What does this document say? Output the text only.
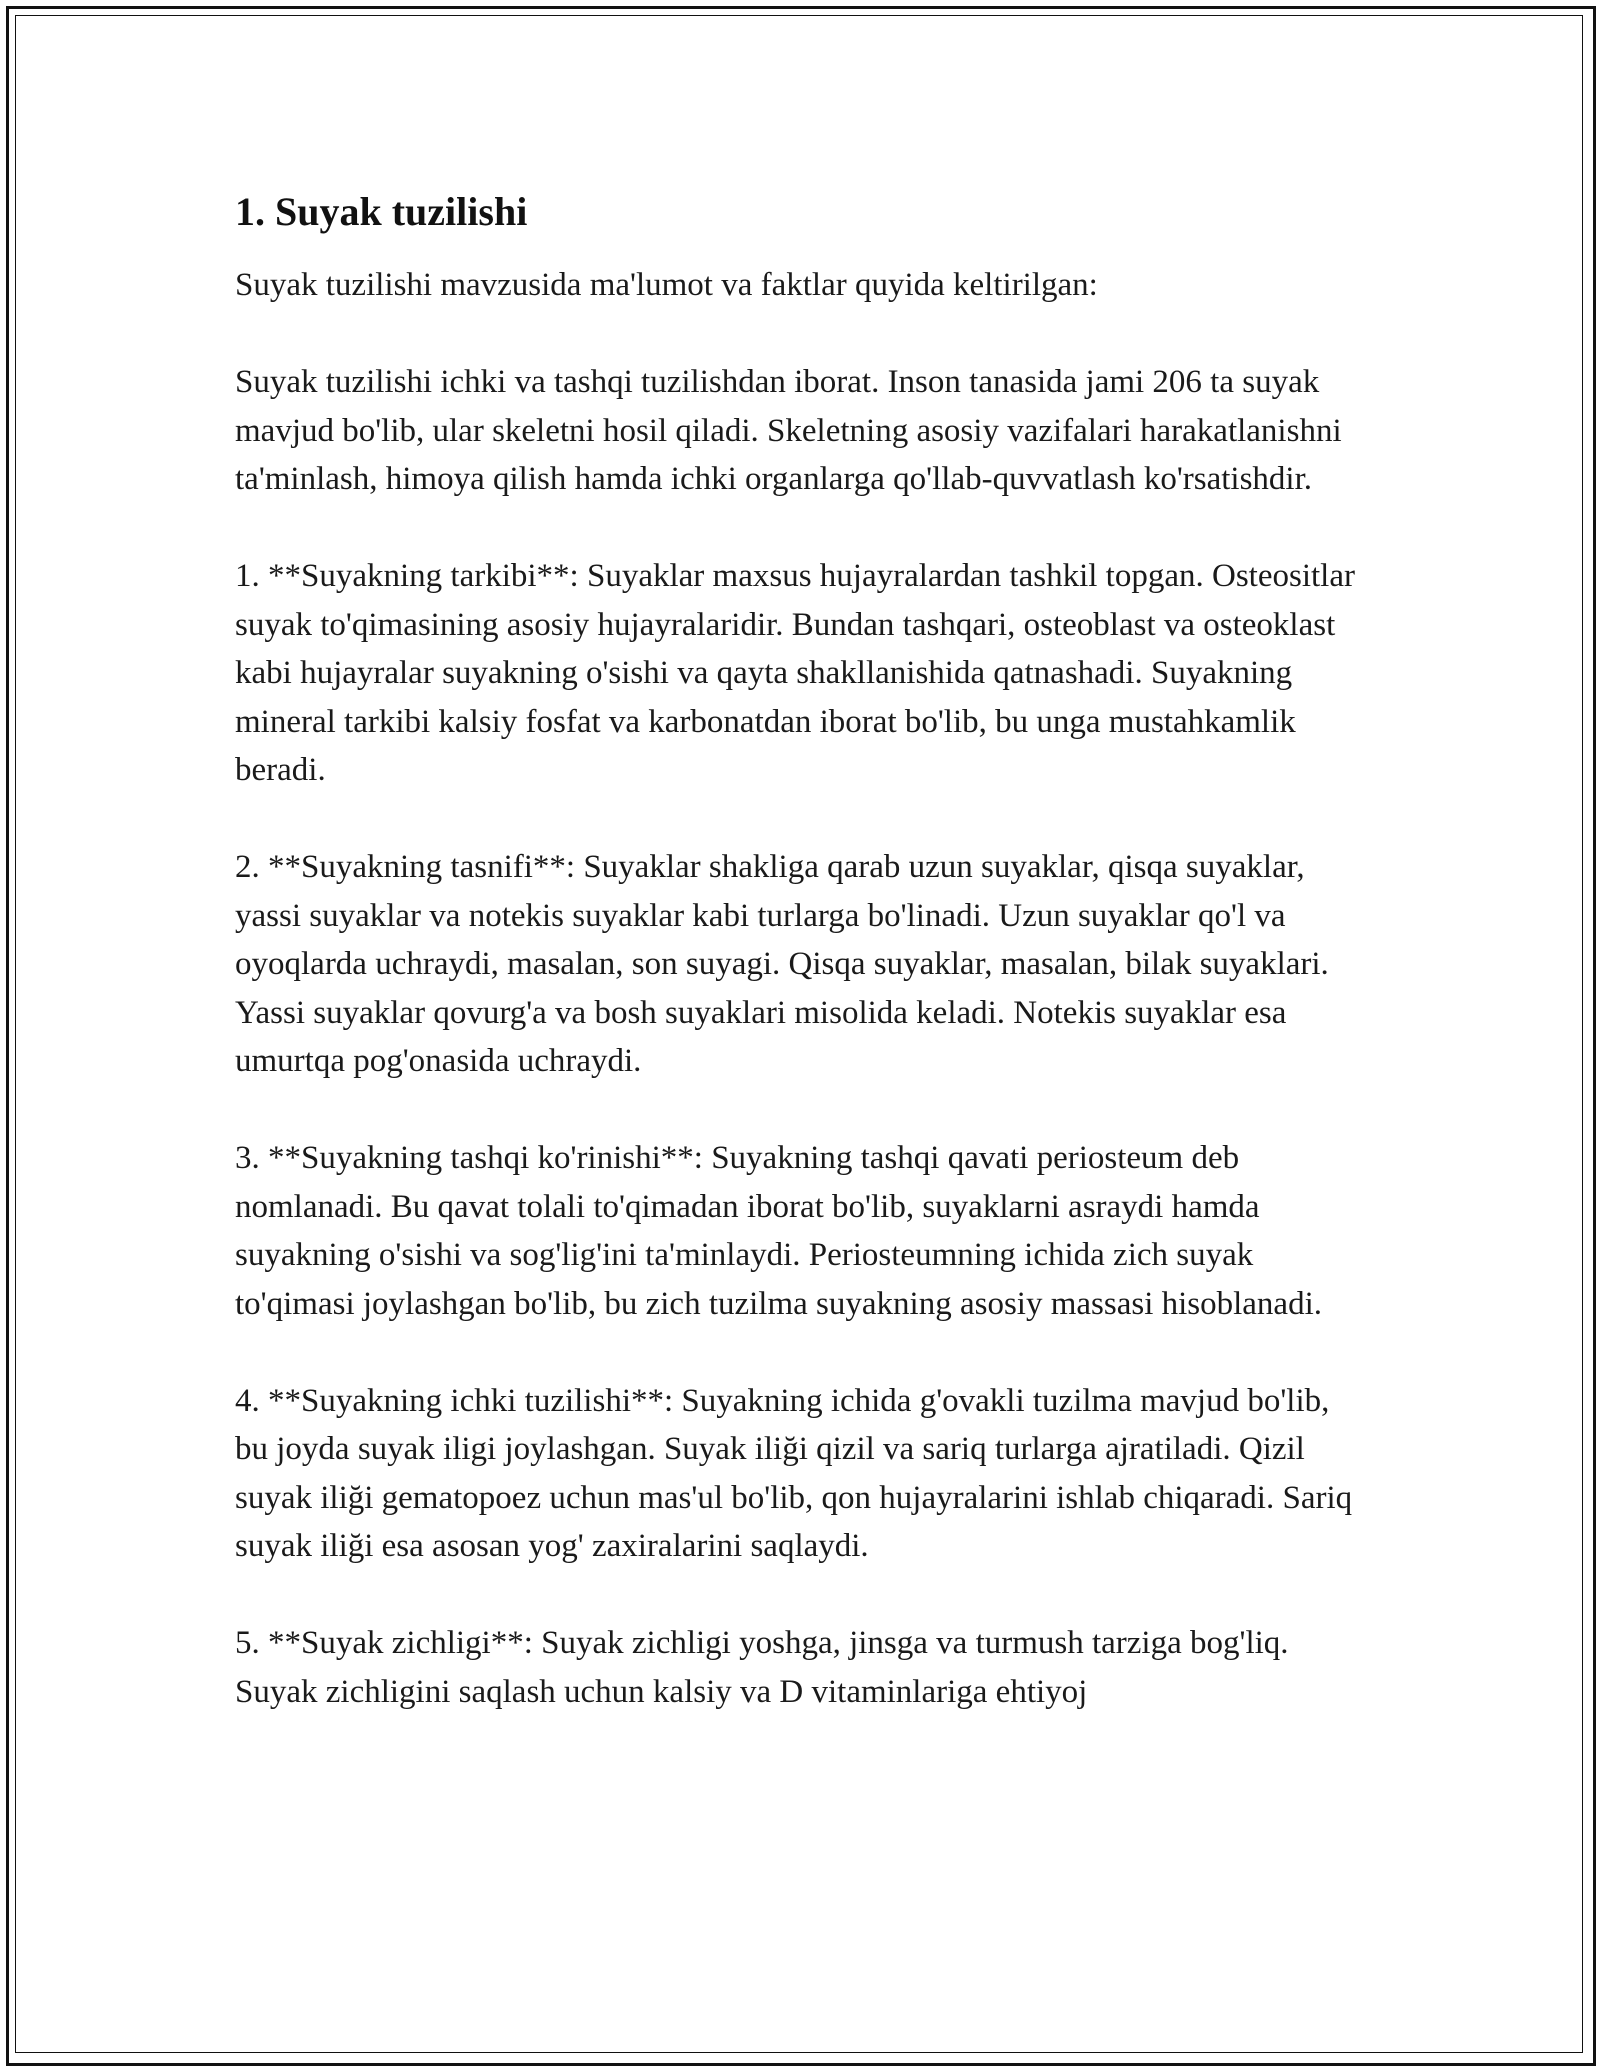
1. Suyak tuzilishi

Suyak tuzilishi mavzusida ma'lumot va faktlar quyida keltirilgan:

Suyak tuzilishi ichki va tashqi tuzilishdan iborat. Inson tanasida jami 206 ta suyak mavjud bo'lib, ular skeletni hosil qiladi. Skeletning asosiy vazifalari harakatlanishni ta'minlash, himoya qilish hamda ichki organlarga qo'llab-quvvatlash ko'rsatishdir.

1. **Suyakning tarkibi**: Suyaklar maxsus hujayralardan tashkil topgan. Osteositlar suyak to'qimasining asosiy hujayralaridir. Bundan tashqari, osteoblast va osteoklast kabi hujayralar suyakning o'sishi va qayta shakllanishida qatnashadi. Suyakning mineral tarkibi kalsiy fosfat va karbonatdan iborat bo'lib, bu unga mustahkamlik beradi.

2. **Suyakning tasnifi**: Suyaklar shakliga qarab uzun suyaklar, qisqa suyaklar, yassi suyaklar va notekis suyaklar kabi turlarga bo'linadi. Uzun suyaklar qo'l va oyoqlarda uchraydi, masalan, son suyagi. Qisqa suyaklar, masalan, bilak suyaklari. Yassi suyaklar qovurg'a va bosh suyaklari misolida keladi. Notekis suyaklar esa umurtqa pog'onasida uchraydi.

3. **Suyakning tashqi ko'rinishi**: Suyakning tashqi qavati periosteum deb nomlanadi. Bu qavat tolali to'qimadan iborat bo'lib, suyaklarni asraydi hamda suyakning o'sishi va sog'lig'ini ta'minlaydi. Periosteumning ichida zich suyak to'qimasi joylashgan bo'lib, bu zich tuzilma suyakning asosiy massasi hisoblanadi.

4. **Suyakning ichki tuzilishi**: Suyakning ichida g'ovakli tuzilma mavjud bo'lib, bu joyda suyak iligi joylashgan. Suyak iliği qizil va sariq turlarga ajratiladi. Qizil suyak iliği gematopoez uchun mas'ul bo'lib, qon hujayralarini ishlab chiqaradi. Sariq suyak iliği esa asosan yog' zaxiralarini saqlaydi.

5. **Suyak zichligi**: Suyak zichligi yoshga, jinsga va turmush tarziga bog'liq. Suyak zichligini saqlash uchun kalsiy va D vitaminlariga ehtiyoj
